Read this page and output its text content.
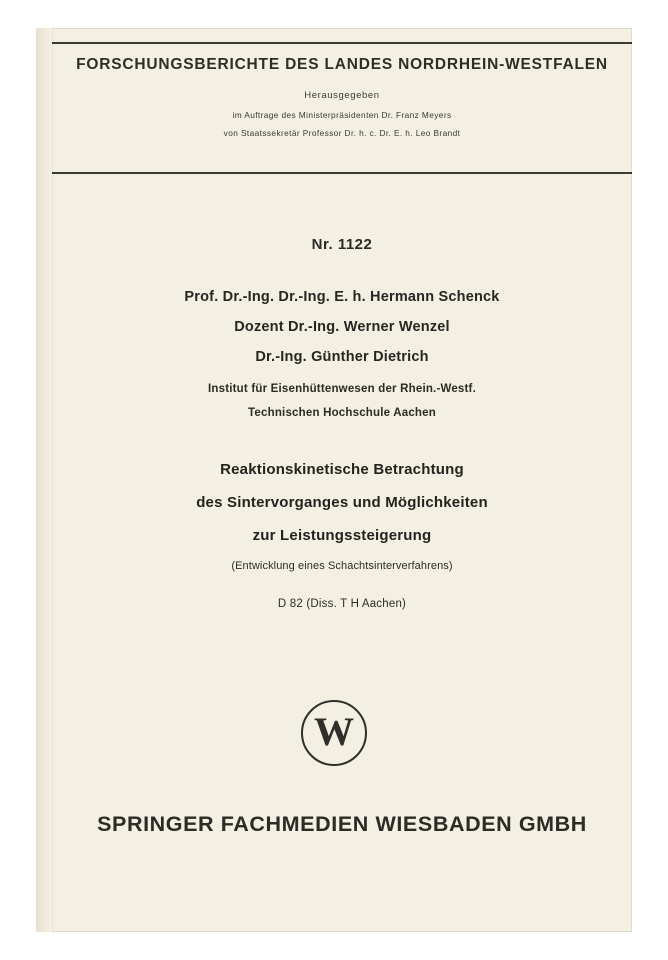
FORSCHUNGSBERICHTE DES LANDES NORDRHEIN-WESTFALEN
Herausgegeben
im Auftrage des Ministerpräsidenten Dr. Franz Meyers
von Staatssekretär Professor Dr. h. c. Dr. E. h. Leo Brandt
Nr. 1122
Prof. Dr.-Ing. Dr.-Ing. E. h. Hermann Schenck
Dozent Dr.-Ing. Werner Wenzel
Dr.-Ing. Günther Dietrich
Institut für Eisenhüttenwesen der Rhein.-Westf.
Technischen Hochschule Aachen
Reaktionskinetische Betrachtung
des Sintervorganges und Möglichkeiten
zur Leistungssteigerung
(Entwicklung eines Schachtsinterverfahrens)
D 82 (Diss. T H Aachen)
W
SPRINGER FACHMEDIEN WIESBADEN GMBH
